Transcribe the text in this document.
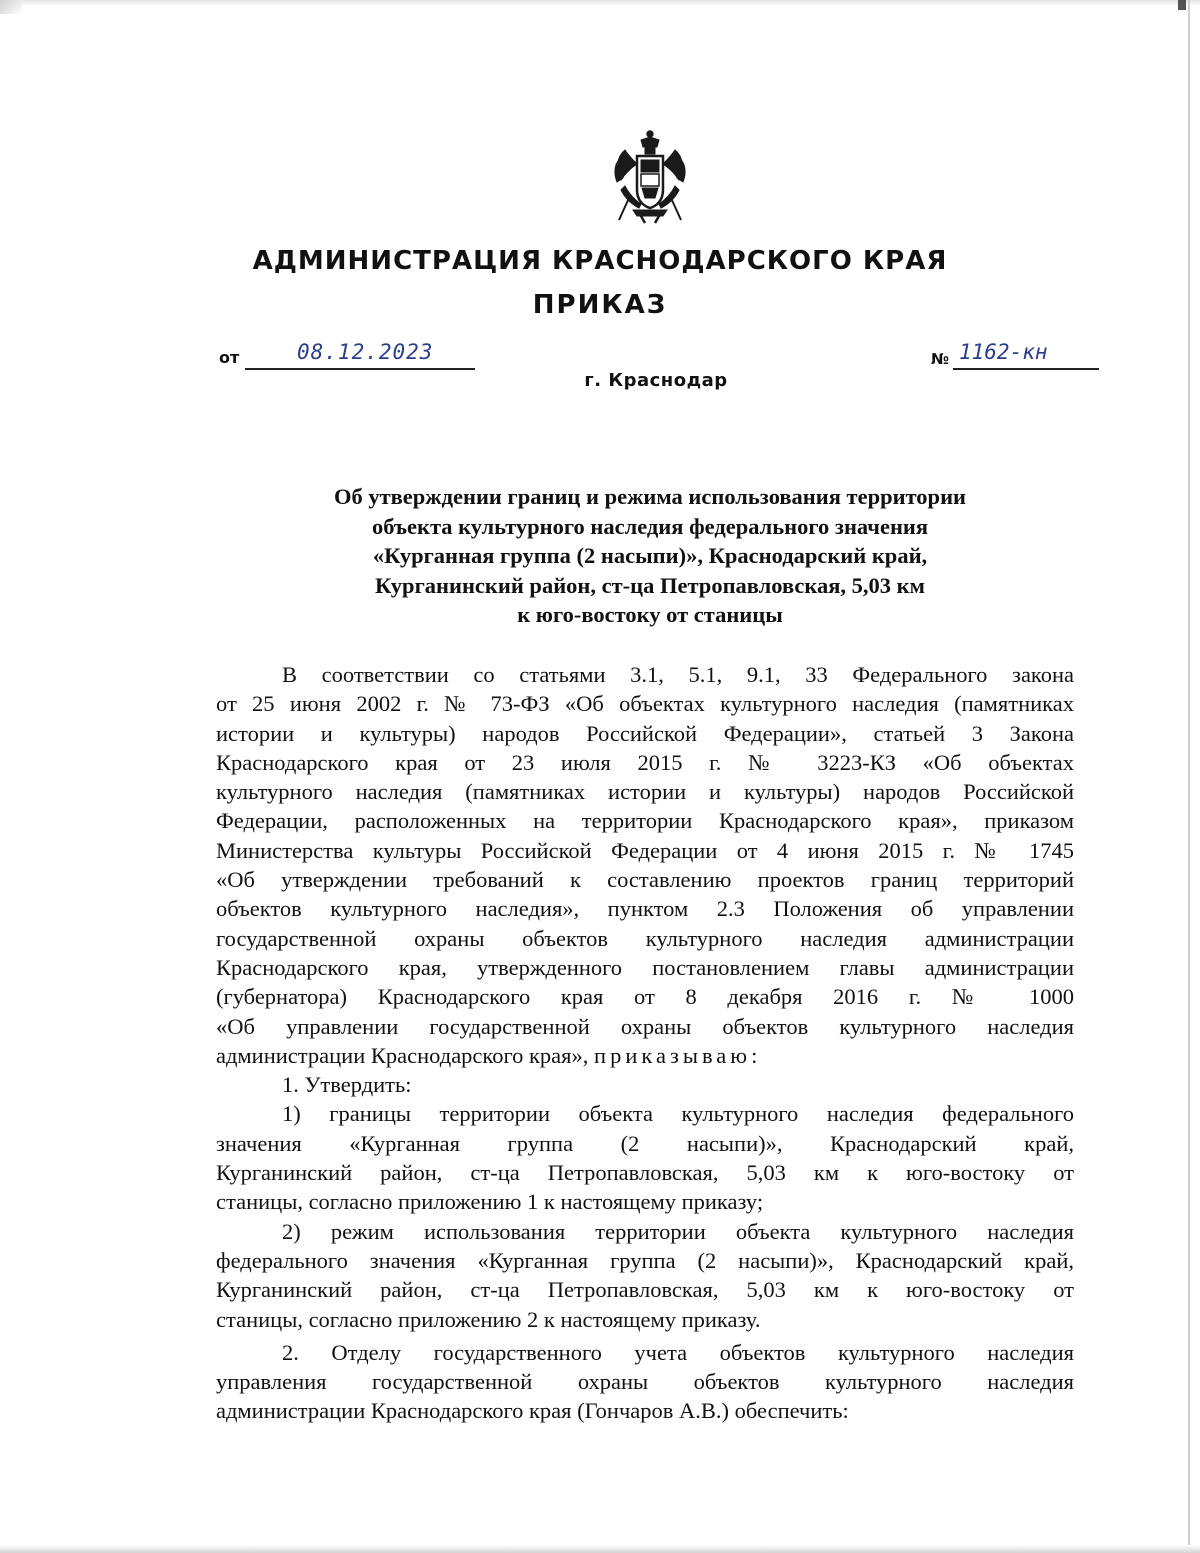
АДМИНИСТРАЦИЯ КРАСНОДАРСКОГО КРАЯ
ПРИКАЗ
от	08.12.2023	№ 1162-кн
г. Краснодар
Об утверждении границ и режима использования территории
объекта культурного наследия федерального значения
«Курганная группа (2 насыпи)», Краснодарский край,
Курганинский район, ст-ца Петропавловская, 5,03 км
к юго-востоку от станицы
В соответствии со статьями 3.1, 5.1, 9.1, 33 Федерального закона
от 25 июня 2002 г. № 73-ФЗ «Об объектах культурного наследия (памятниках
истории и культуры) народов Российской Федерации», статьей 3 Закона
Краснодарского края от 23 июля 2015 г. № 3223-КЗ «Об объектах
культурного наследия (памятниках истории и культуры) народов Российской
Федерации, расположенных на территории Краснодарского края», приказом
Министерства культуры Российской Федерации от 4 июня 2015 г. № 1745
«Об утверждении требований к составлению проектов границ территорий
объектов культурного наследия», пунктом 2.3 Положения об управлении
государственной охраны объектов культурного наследия администрации
Краснодарского края, утвержденного постановлением главы администрации
(губернатора) Краснодарского края от 8 декабря 2016 г. № 1000
«Об управлении государственной охраны объектов культурного наследия
администрации Краснодарского края», приказываю:
1. Утвердить:
1) границы территории объекта культурного наследия федерального
значения «Курганная группа (2 насыпи)», Краснодарский край,
Курганинский район, ст-ца Петропавловская, 5,03 км к юго-востоку от
станицы, согласно приложению 1 к настоящему приказу;
2) режим использования территории объекта культурного наследия
федерального значения «Курганная группа (2 насыпи)», Краснодарский край,
Курганинский район, ст-ца Петропавловская, 5,03 км к юго-востоку от
станицы, согласно приложению 2 к настоящему приказу.
2. Отделу государственного учета объектов культурного наследия
управления государственной охраны объектов культурного наследия
администрации Краснодарского края (Гончаров А.В.) обеспечить:
